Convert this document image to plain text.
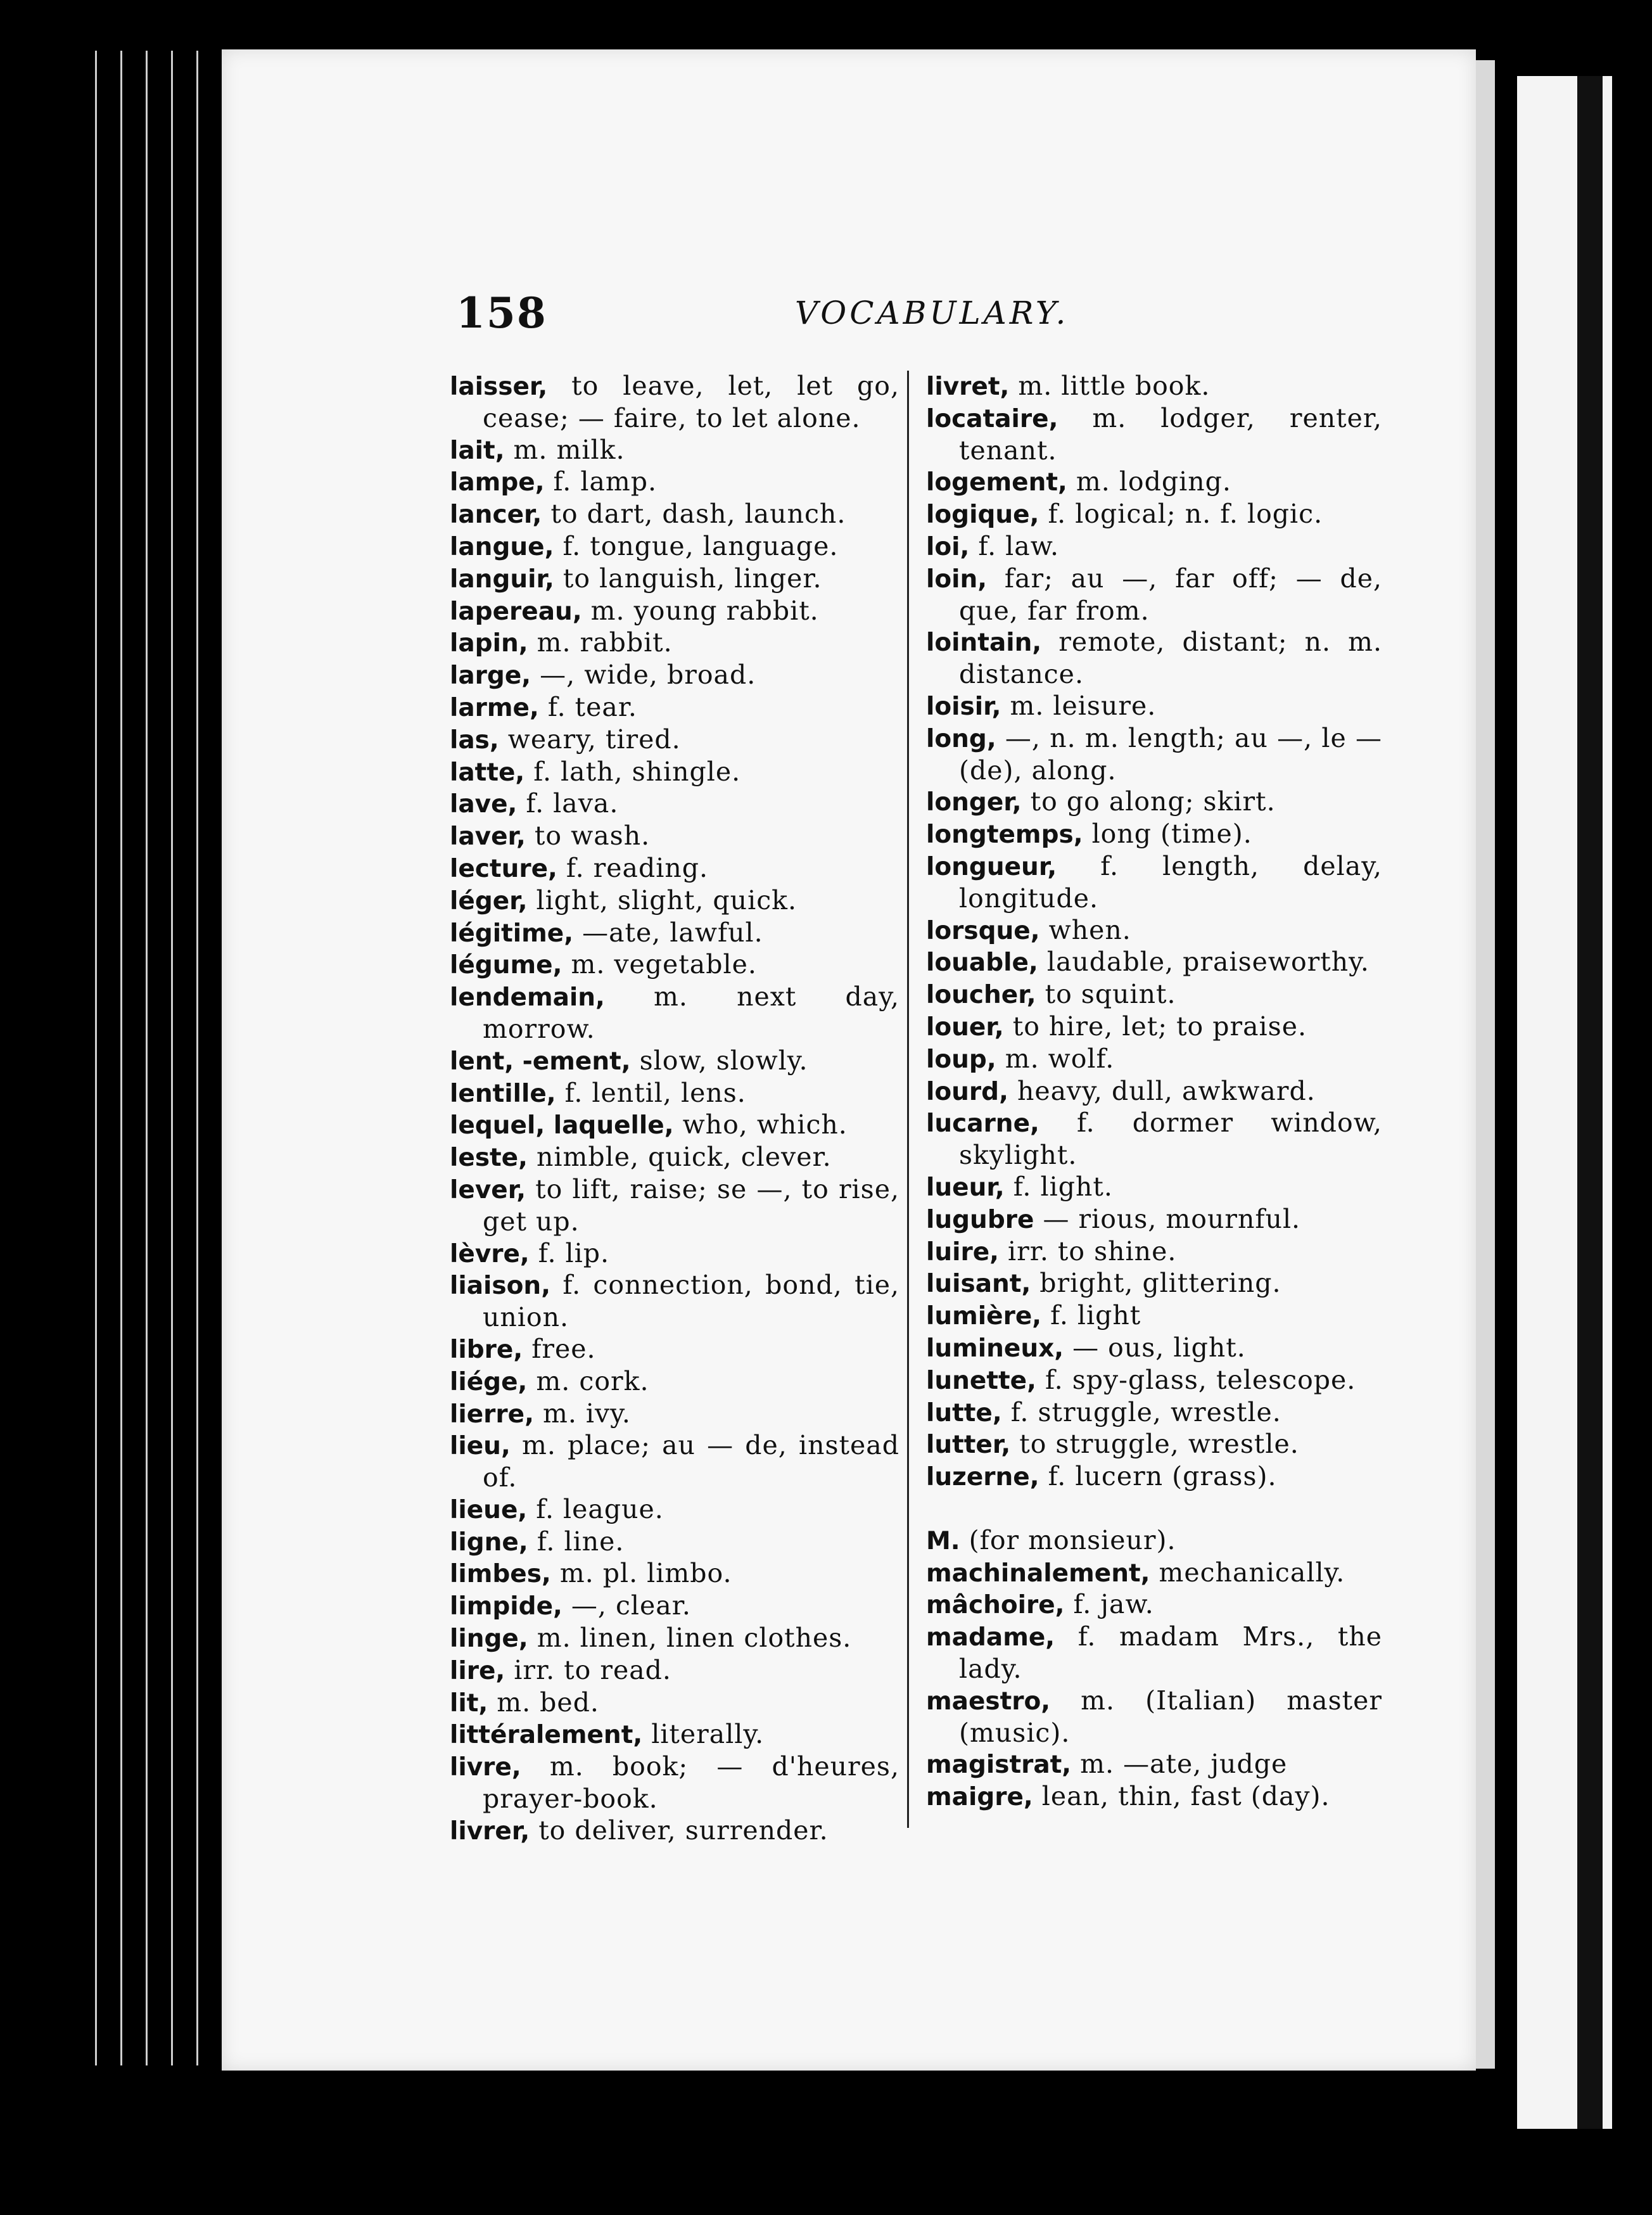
158	VOCABULARY.
laisser, to leave, let, let go, cease; — faire, to let alone.
lait, m. milk.
lampe, f. lamp.
lancer, to dart, dash, launch.
langue, f. tongue, language.
languir, to languish, linger.
lapereau, m. young rabbit.
lapin, m. rabbit.
large, —, wide, broad.
larme, f. tear.
las, weary, tired.
latte, f. lath, shingle.
lave, f. lava.
laver, to wash.
lecture, f. reading.
léger, light, slight, quick.
légitime, —ate, lawful.
légume, m. vegetable.
lendemain, m. next day, morrow.
lent, -ement, slow, slowly.
lentille, f. lentil, lens.
lequel, laquelle, who, which.
leste, nimble, quick, clever.
lever, to lift, raise; se —, to rise, get up.
lèvre, f. lip.
liaison, f. connection, bond, tie, union.
libre, free.
liége, m. cork.
lierre, m. ivy.
lieu, m. place; au — de, instead of.
lieue, f. league.
ligne, f. line.
limbes, m. pl. limbo.
limpide, —, clear.
linge, m. linen, linen clothes.
lire, irr. to read.
lit, m. bed.
littéralement, literally.
livre, m. book; — d'heures, prayer-book.
livrer, to deliver, surrender.
livret, m. little book.
locataire, m. lodger, renter, tenant.
logement, m. lodging.
logique, f. logical; n. f. logic.
loi, f. law.
loin, far; au —, far off; — de, que, far from.
lointain, remote, distant; n. m. distance.
loisir, m. leisure.
long, —, n. m. length; au —, le — (de), along.
longer, to go along; skirt.
longtemps, long (time).
longueur, f. length, delay, longitude.
lorsque, when.
louable, laudable, praiseworthy.
loucher, to squint.
louer, to hire, let; to praise.
loup, m. wolf.
lourd, heavy, dull, awkward.
lucarne, f. dormer window, skylight.
lueur, f. light.
lugubre — rious, mournful.
luire, irr. to shine.
luisant, bright, glittering.
lumière, f. light
lumineux, — ous, light.
lunette, f. spy-glass, telescope.
lutte, f. struggle, wrestle.
lutter, to struggle, wrestle.
luzerne, f. lucern (grass).
M. (for monsieur).
machinalement, mechanically.
mâchoire, f. jaw.
madame, f. madam Mrs., the lady.
maestro, m. (Italian) master (music).
magistrat, m. —ate, judge
maigre, lean, thin, fast (day).
